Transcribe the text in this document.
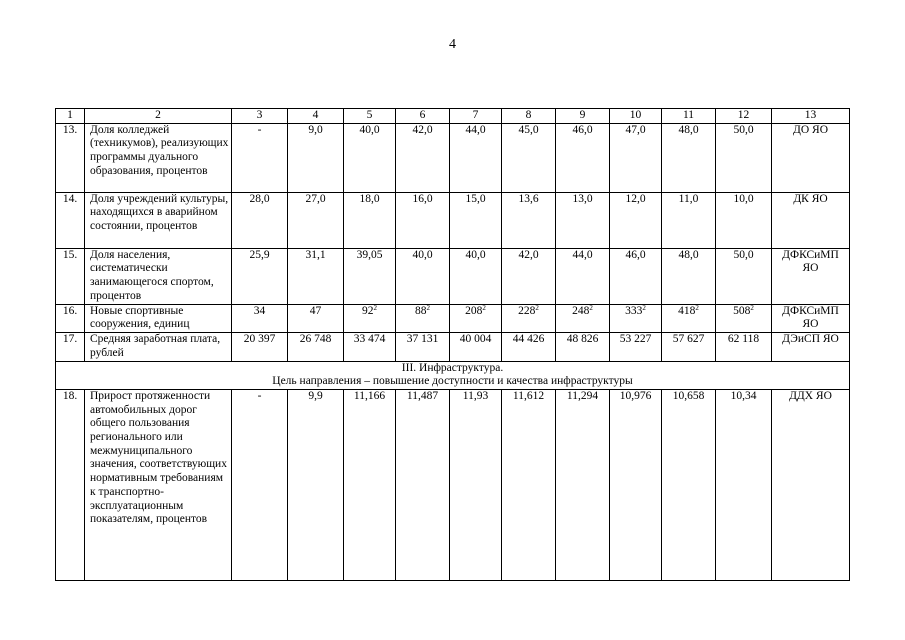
4
1	2	3	4	5	6	7	8	9	10	11	12	13
13.	Доля колледжей (техникумов), реализующих программы дуального образования, процентов	-	9,0	40,0	42,0	44,0	45,0	46,0	47,0	48,0	50,0	ДО ЯО
14.	Доля учреждений культуры, находящихся в аварийном состоянии, процентов	28,0	27,0	18,0	16,0	15,0	13,6	13,0	12,0	11,0	10,0	ДК ЯО
15.	Доля населения, систематически занимающегося спортом, процентов	25,9	31,1	39,05	40,0	40,0	42,0	44,0	46,0	48,0	50,0	ДФКСиМП ЯО
16.	Новые спортивные сооружения, единиц	34	47	$92^2$	$88^2$	$208^2$	$228^2$	$248^2$	$333^2$	$418^2$	$508^2$	ДФКСиМП ЯО
17.	Средняя заработная плата, рублей	20 397	26 748	33 474	37 131	40 004	44 426	48 826	53 227	57 627	62 118	ДЭиСП ЯО

III. Инфраструктура.
Цель направления – повышение доступности и качества инфраструктуры												

18.	Прирост протяженности автомобильных дорог общего пользования регионального или межмуниципального значения, соответствующих нормативным требованиям к транспортно-эксплуатационным показателям, процентов	-	9,9	11,166	11,487	11,93	11,612	11,294	10,976	10,658	10,34	ДДХ ЯО
